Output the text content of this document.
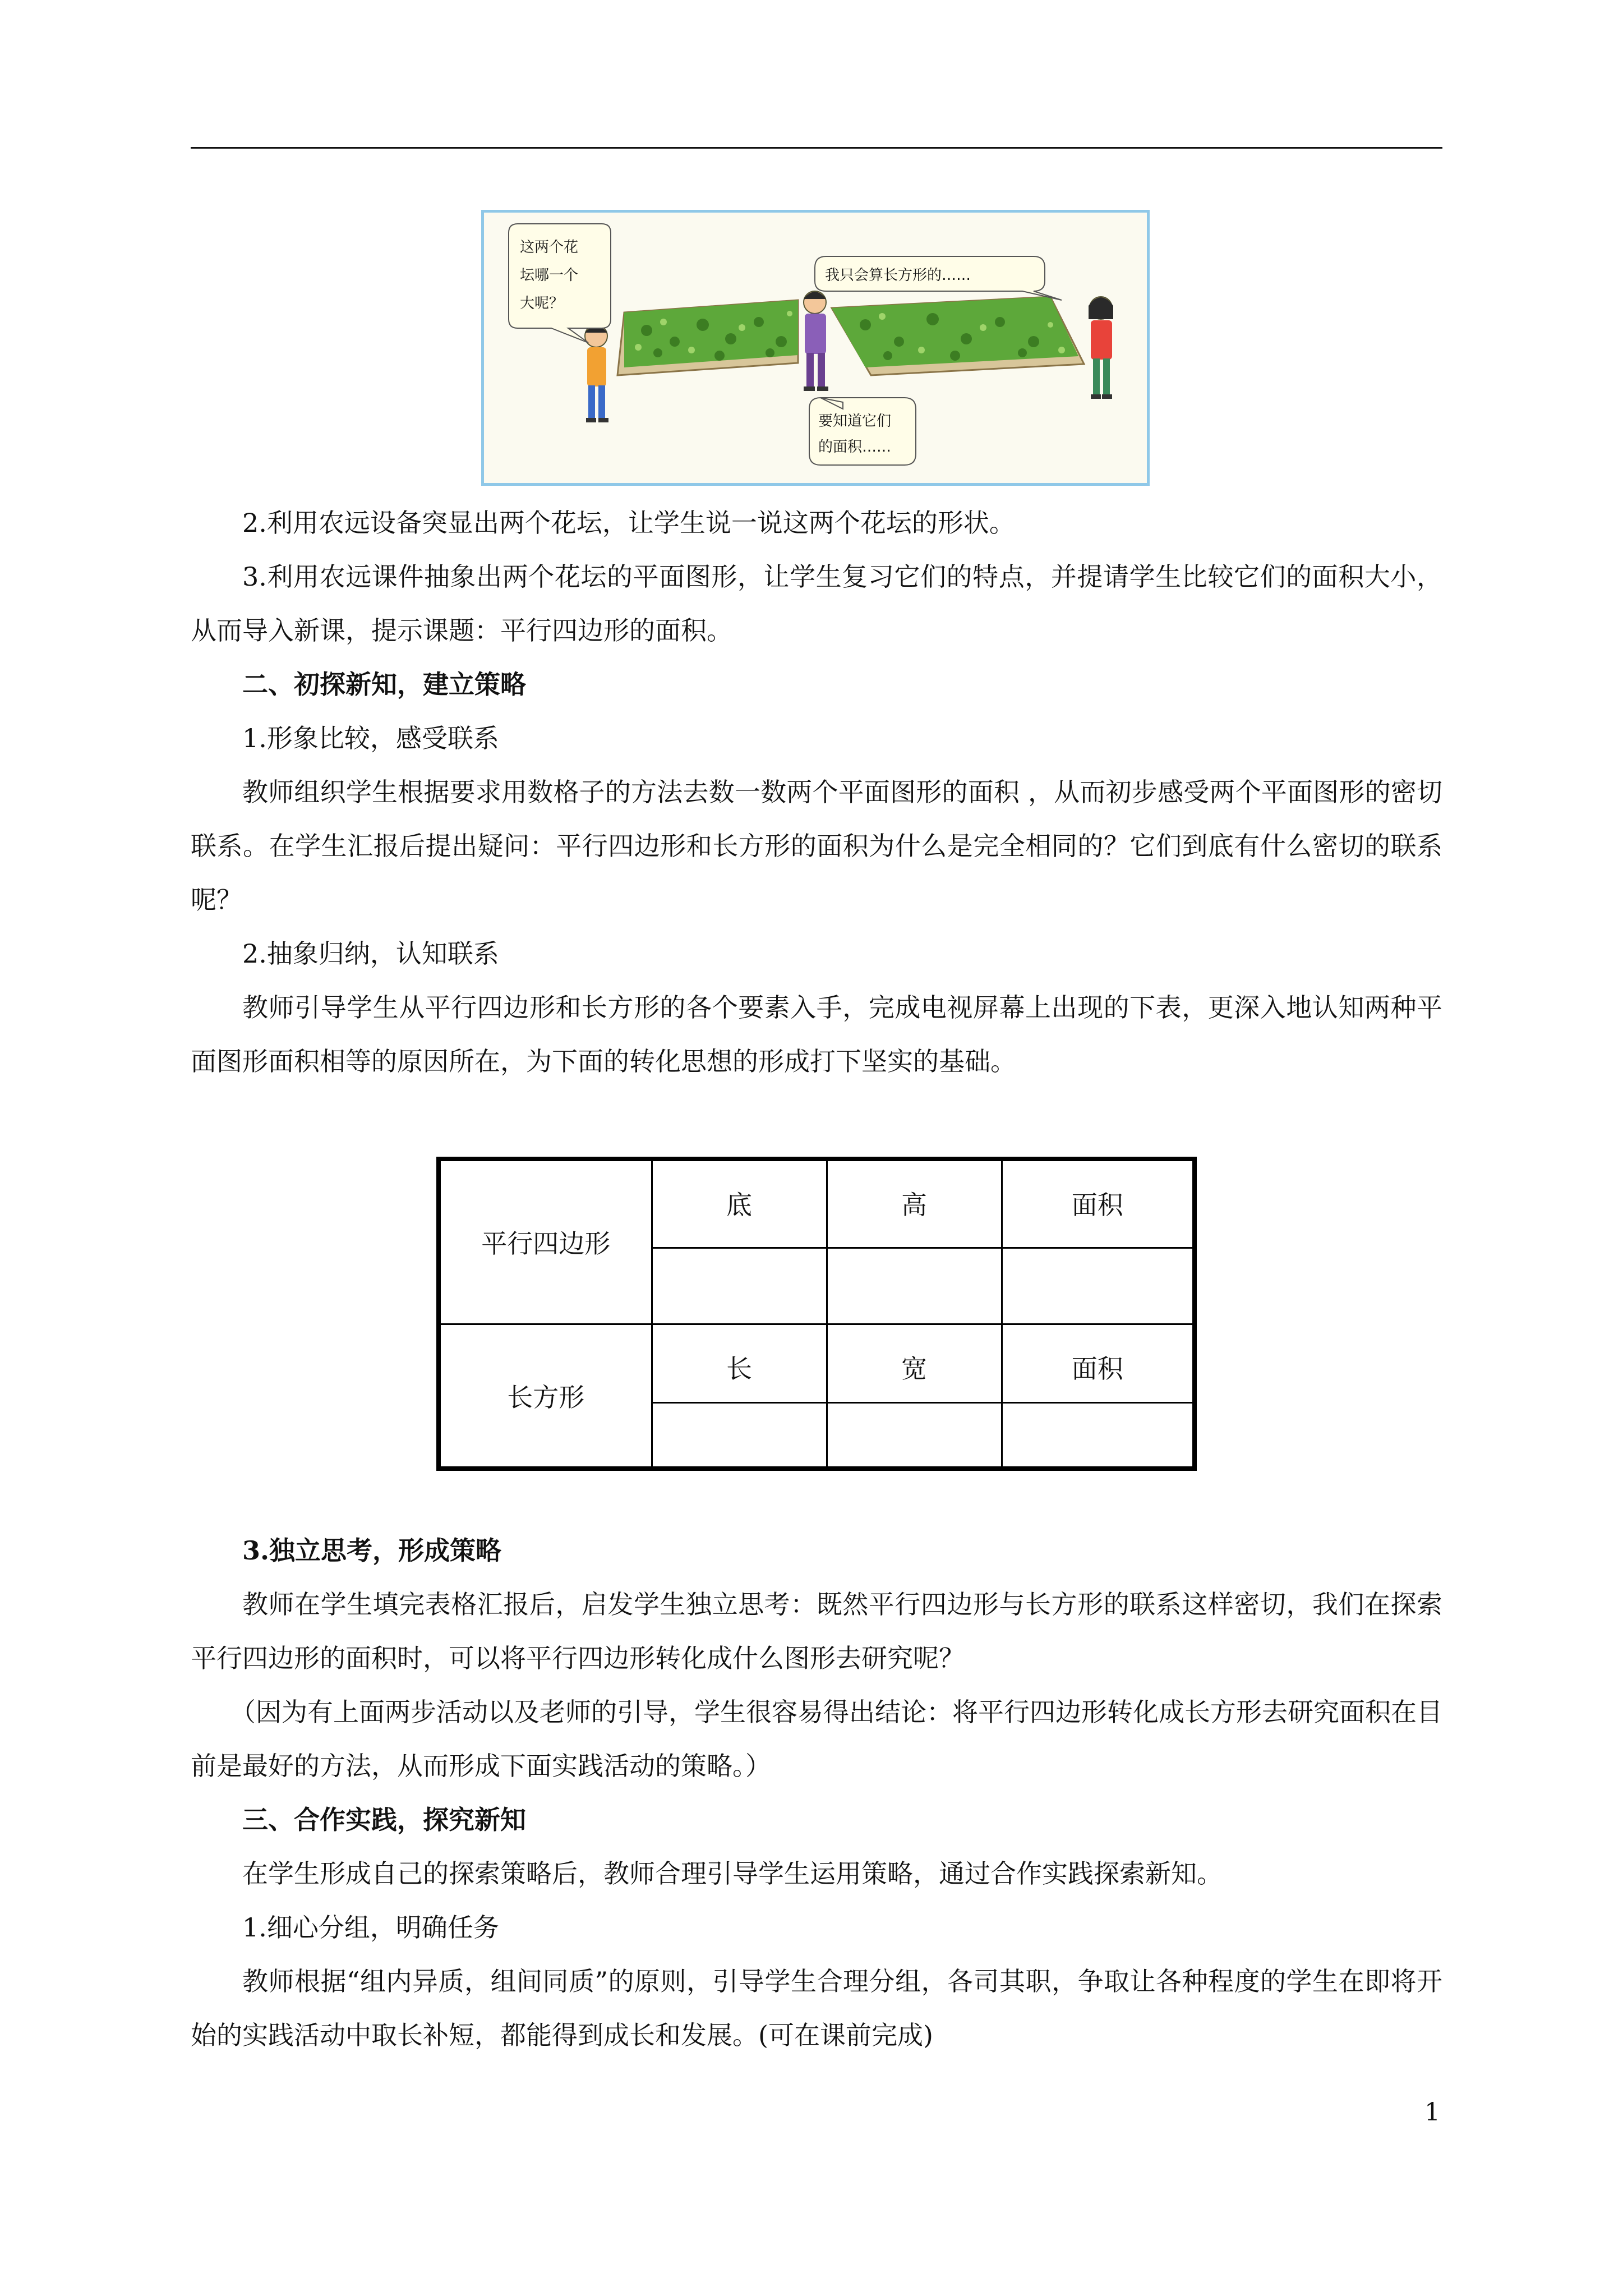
这两个花
坛哪一个
大呢？
我只会算长方形的……
要知道它们
的面积……

2.利用农远设备突显出两个花坛，让学生说一说这两个花坛的形状。

3.利用农远课件抽象出两个花坛的平面图形，让学生复习它们的特点，并提请学生比较它们的面积大小，从而导入新课，提示课题：平行四边形的面积。

二、初探新知，建立策略

1.形象比较，感受联系

教师组织学生根据要求用数格子的方法去数一数两个平面图形的面积 ，从而初步感受两个平面图形的密切联系。在学生汇报后提出疑问：平行四边形和长方形的面积为什么是完全相同的？它们到底有什么密切的联系呢？

2.抽象归纳，认知联系

教师引导学生从平行四边形和长方形的各个要素入手，完成电视屏幕上出现的下表，更深入地认知两种平面图形面积相等的原因所在，为下面的转化思想的形成打下坚实的基础。

平行四边形	底	高	面积

长方形	长	宽	面积

3.独立思考，形成策略

教师在学生填完表格汇报后，启发学生独立思考：既然平行四边形与长方形的联系这样密切，我们在探索平行四边形的面积时，可以将平行四边形转化成什么图形去研究呢？

（因为有上面两步活动以及老师的引导，学生很容易得出结论：将平行四边形转化成长方形去研究面积在目前是最好的方法，从而形成下面实践活动的策略。）

三、合作实践，探究新知

在学生形成自己的探索策略后，教师合理引导学生运用策略，通过合作实践探索新知。

1.细心分组，明确任务

教师根据“组内异质，组间同质”的原则，引导学生合理分组，各司其职，争取让各种程度的学生在即将开始的实践活动中取长补短，都能得到成长和发展。(可在课前完成)

1
